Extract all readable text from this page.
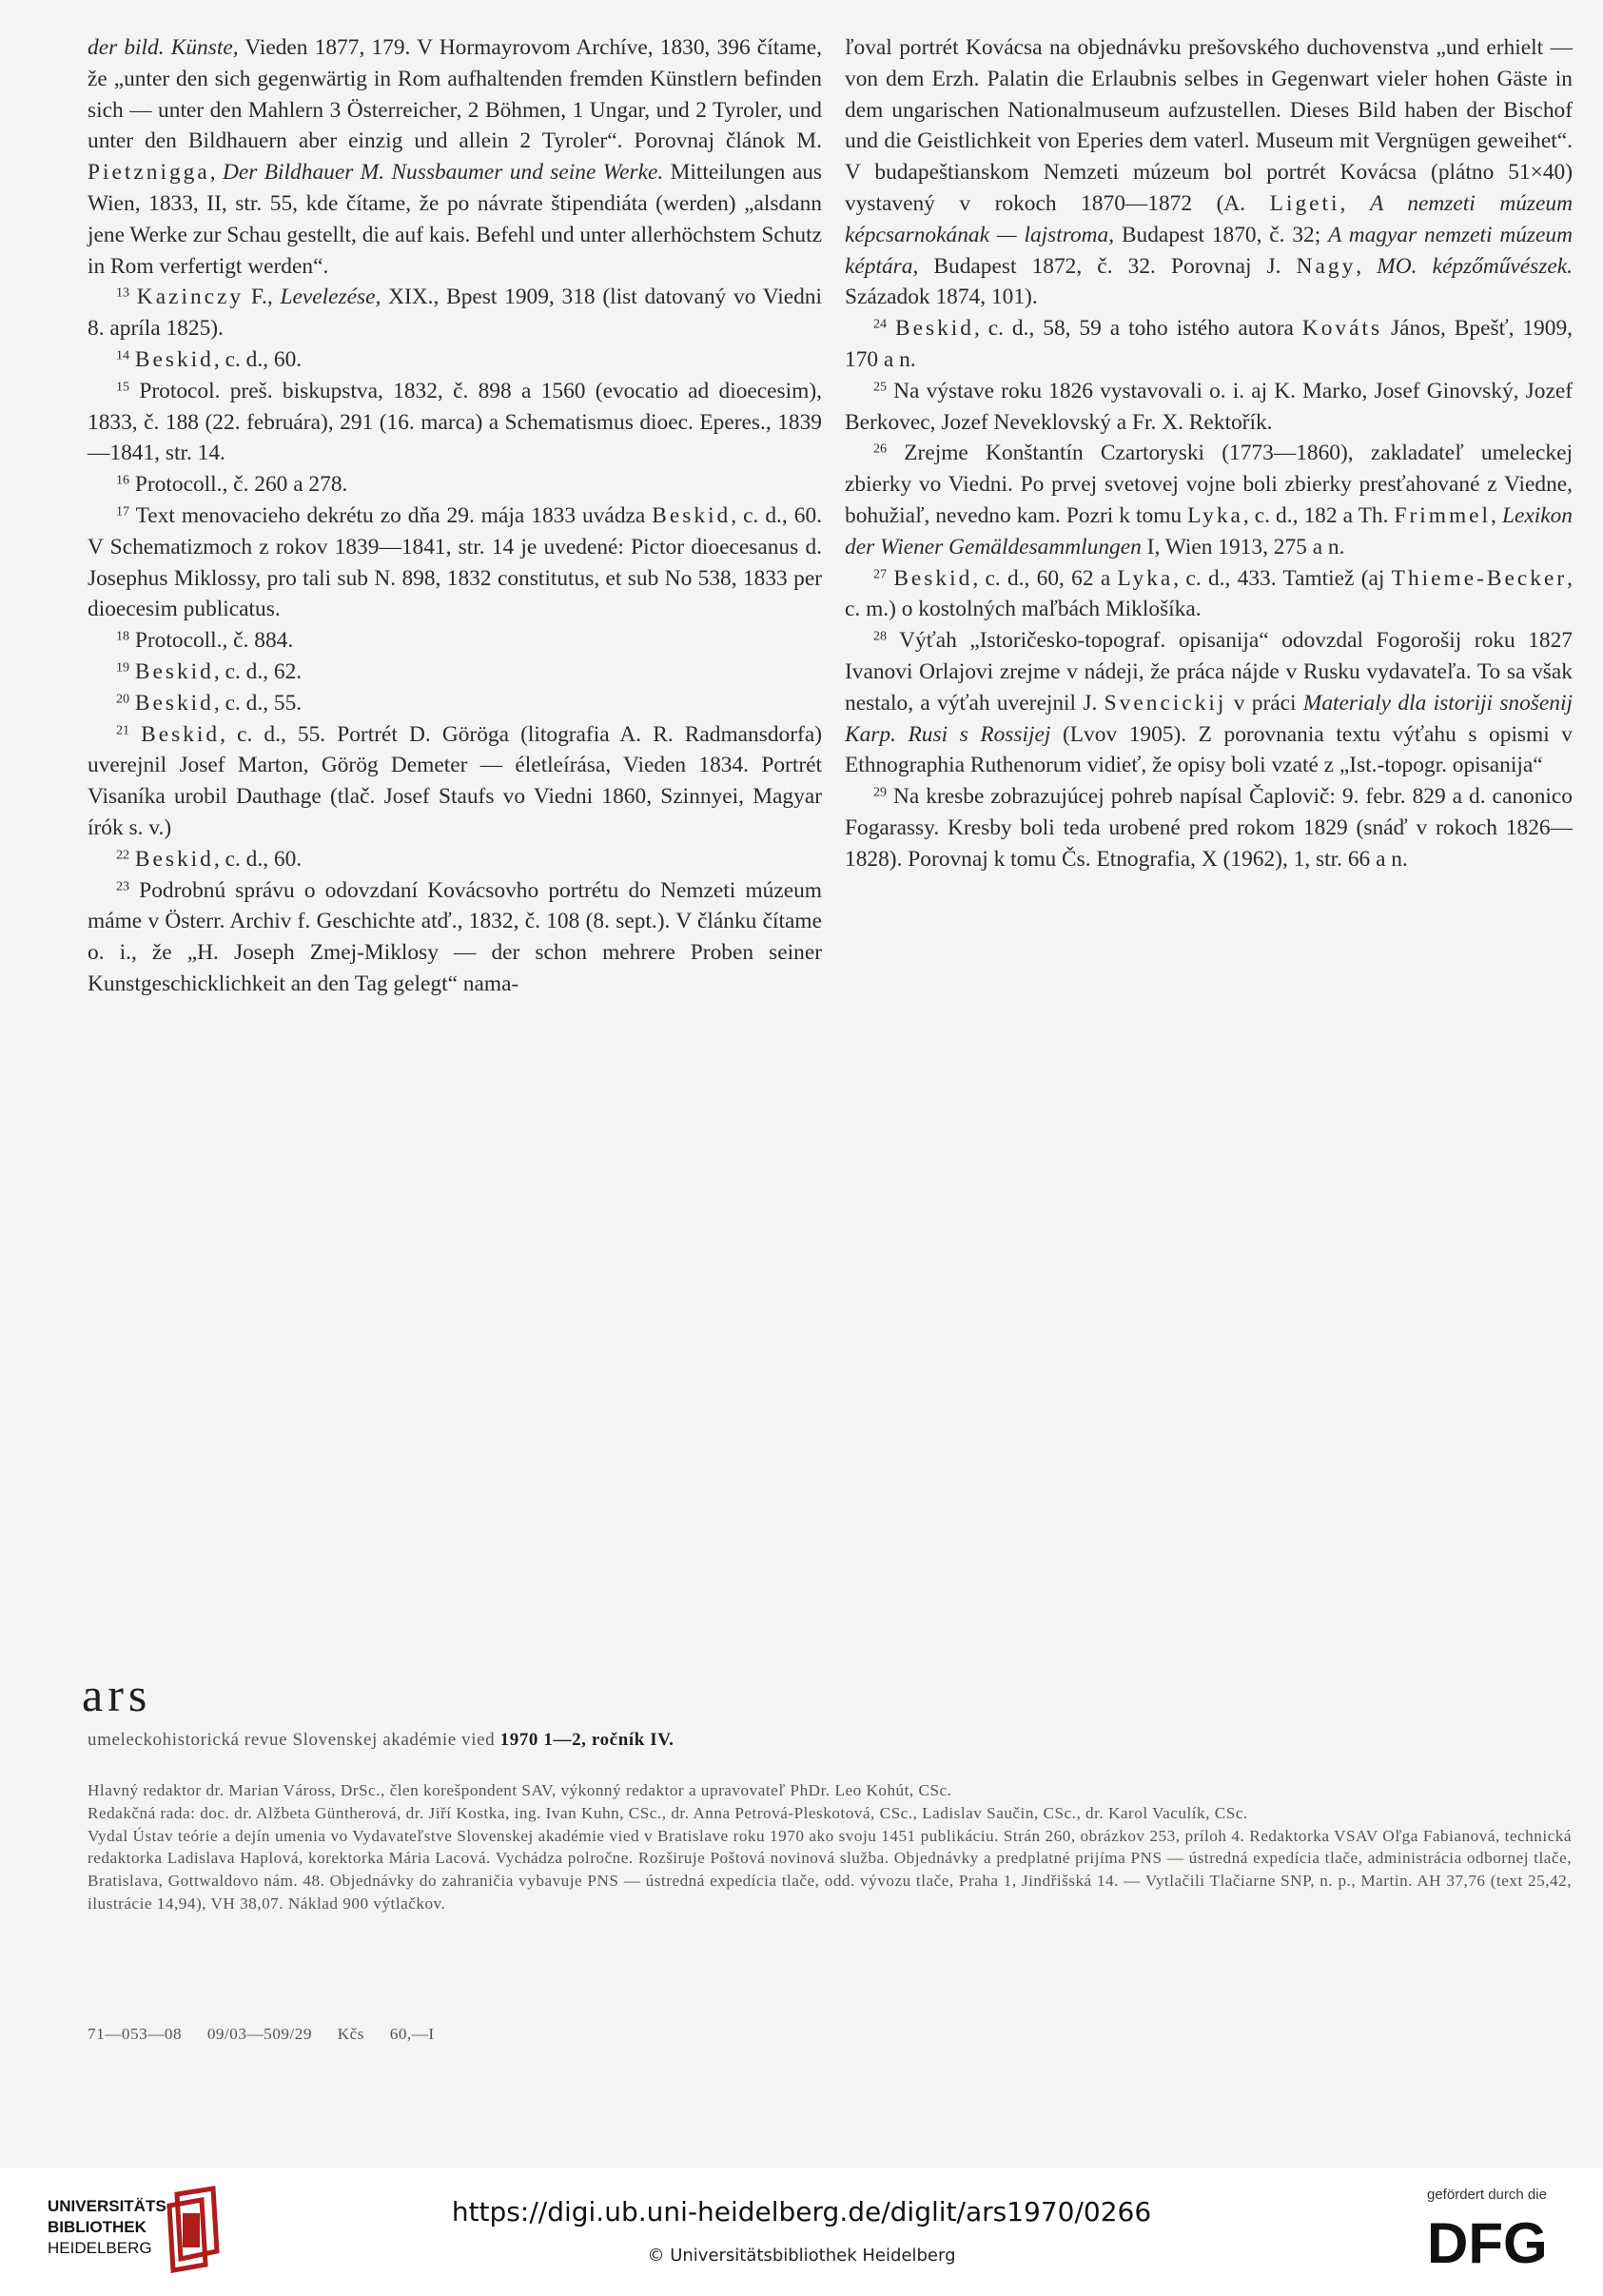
der bild. Künste, Vieden 1877, 179. V Hormayrovom Archíve, 1830, 396 čítame, že „unter den sich gegenwärtig in Rom aufhaltenden fremden Künstlern befinden sich — unter den Mahlern 3 Österreicher, 2 Böhmen, 1 Ungar, und 2 Tyroler, und unter den Bildhauern aber einzig und allein 2 Tyroler“. Porovnaj článok M. Pietznigga, Der Bildhauer M. Nussbaumer und seine Werke. Mitteilungen aus Wien, 1833, II, str. 55, kde čítame, že po návrate štipendiáta (werden) „alsdann jene Werke zur Schau gestellt, die auf kais. Befehl und unter allerhöchstem Schutz in Rom verfertigt werden“.

$^{13}$ Kazinczy F., Levelezése, XIX., Bpest 1909, 318 (list datovaný vo Viedni 8. apríla 1825).

$^{14}$ Beskid, c. d., 60.

$^{15}$ Protocol. preš. biskupstva, 1832, č. 898 a 1560 (evocatio ad dioecesim), 1833, č. 188 (22. februára), 291 (16. marca) a Schematismus dioec. Eperes., 1839—1841, str. 14.

$^{16}$ Protocoll., č. 260 a 278.

$^{17}$ Text menovacieho dekrétu zo dňa 29. mája 1833 uvádza Beskid, c. d., 60. V Schematizmoch z rokov 1839—1841, str. 14 je uvedené: Pictor dioecesanus d. Josephus Miklossy, pro tali sub N. 898, 1832 constitutus, et sub No 538, 1833 per dioecesim publicatus.

$^{18}$ Protocoll., č. 884.

$^{19}$ Beskid, c. d., 62.

$^{20}$ Beskid, c. d., 55.

$^{21}$ Beskid, c. d., 55. Portrét D. Göröga (litografia A. R. Radmansdorfa) uverejnil Josef Marton, Görög Demeter — életleírása, Vieden 1834. Portrét Visaníka urobil Dauthage (tlač. Josef Staufs vo Viedni 1860, Szinnyei, Magyar írók s. v.)

$^{22}$ Beskid, c. d., 60.

$^{23}$ Podrobnú správu o odovzdaní Kovácsovho portrétu do Nemzeti múzeum máme v Österr. Archiv f. Geschichte atď., 1832, č. 108 (8. sept.). V článku čítame o. i., že „H. Joseph Zmej-Miklosy — der schon mehrere Proben seiner Kunstgeschicklichkeit an den Tag gelegt“ nama-

ľoval portrét Kovácsa na objednávku prešovského duchovenstva „und erhielt — von dem Erzh. Palatin die Erlaubnis selbes in Gegenwart vieler hohen Gäste in dem ungarischen Nationalmuseum aufzustellen. Dieses Bild haben der Bischof und die Geistlichkeit von Eperies dem vaterl. Museum mit Vergnügen geweihet“. V budapeštianskom Nemzeti múzeum bol portrét Kovácsa (plátno 51×40) vystavený v rokoch 1870—1872 (A. Ligeti, A nemzeti múzeum képcsarnokának — lajstroma, Budapest 1870, č. 32; A magyar nemzeti múzeum képtára, Budapest 1872, č. 32. Porovnaj J. Nagy, MO. képzőművészek. Századok 1874, 101).

$^{24}$ Beskid, c. d., 58, 59 a toho istého autora Kováts János, Bpešť, 1909, 170 a n.

$^{25}$ Na výstave roku 1826 vystavovali o. i. aj K. Marko, Josef Ginovský, Jozef Berkovec, Jozef Neveklovský a Fr. X. Rektořík.

$^{26}$ Zrejme Konštantín Czartoryski (1773—1860), zakladateľ umeleckej zbierky vo Viedni. Po prvej svetovej vojne boli zbierky presťahované z Viedne, bohužiaľ, nevedno kam. Pozri k tomu Lyka, c. d., 182 a Th. Frimmel, Lexikon der Wiener Gemäldesammlungen I, Wien 1913, 275 a n.

$^{27}$ Beskid, c. d., 60, 62 a Lyka, c. d., 433. Tamtiež (aj Thieme-Becker, c. m.) o kostolných maľbách Miklošíka.

$^{28}$ Výťah „Istoričesko-topograf. opisanija“ odovzdal Fogorošij roku 1827 Ivanovi Orlajovi zrejme v nádeji, že práca nájde v Rusku vydavateľa. To sa však nestalo, a výťah uverejnil J. Svencickij v práci Materialy dla istoriji snošenij Karp. Rusi s Rossijej (Lvov 1905). Z porovnania textu výťahu s opismi v Ethnographia Ruthenorum vidieť, že opisy boli vzaté z „Ist.-topogr. opisanija“

$^{29}$ Na kresbe zobrazujúcej pohreb napísal Čaplovič: 9. febr. 829 a d. canonico Fogarassy. Kresby boli teda urobené pred rokom 1829 (snáď v rokoch 1826—1828). Porovnaj k tomu Čs. Etnografia, X (1962), 1, str. 66 a n.

ars
umeleckohistorická revue Slovenskej akadémie vied 1970 1—2, ročník IV.

Hlavný redaktor dr. Marian Váross, DrSc., člen korešpondent SAV, výkonný redaktor a upravovateľ PhDr. Leo Kohút, CSc.

Redakčná rada: doc. dr. Alžbeta Güntherová, dr. Jiří Kostka, ing. Ivan Kuhn, CSc., dr. Anna Petrová-Pleskotová, CSc., Ladislav Saučin, CSc., dr. Karol Vaculík, CSc.

Vydal Ústav teórie a dejín umenia vo Vydavateľstve Slovenskej akadémie vied v Bratislave roku 1970 ako svoju 1451 publikáciu. Strán 260, obrázkov 253, príloh 4. Redaktorka VSAV Oľga Fabianová, technická redaktorka Ladislava Haplová, korektorka Mária Lacová. Vychádza polročne. Rozširuje Poštová novinová služba. Objednávky a predplatné prijíma PNS — ústredná expedícia tlače, administrácia odbornej tlače, Bratislava, Gottwaldovo nám. 48. Objednávky do zahraničia vybavuje PNS — ústredná expedícia tlače, odd. vývozu tlače, Praha 1, Jindřišská 14. — Vytlačili Tlačiarne SNP, n. p., Martin. AH 37,76 (text 25,42, ilustrácie 14,94), VH 38,07. Náklad 900 výtlačkov.

71—053—08 09/03—509/29 Kčs 60,—I
UNIVERSITÄTS-
BIBLIOTHEK
HEIDELBERG
https://digi.ub.uni-heidelberg.de/diglit/ars1970/0266
© Universitätsbibliothek Heidelberg
gefördert durch die
DFG
